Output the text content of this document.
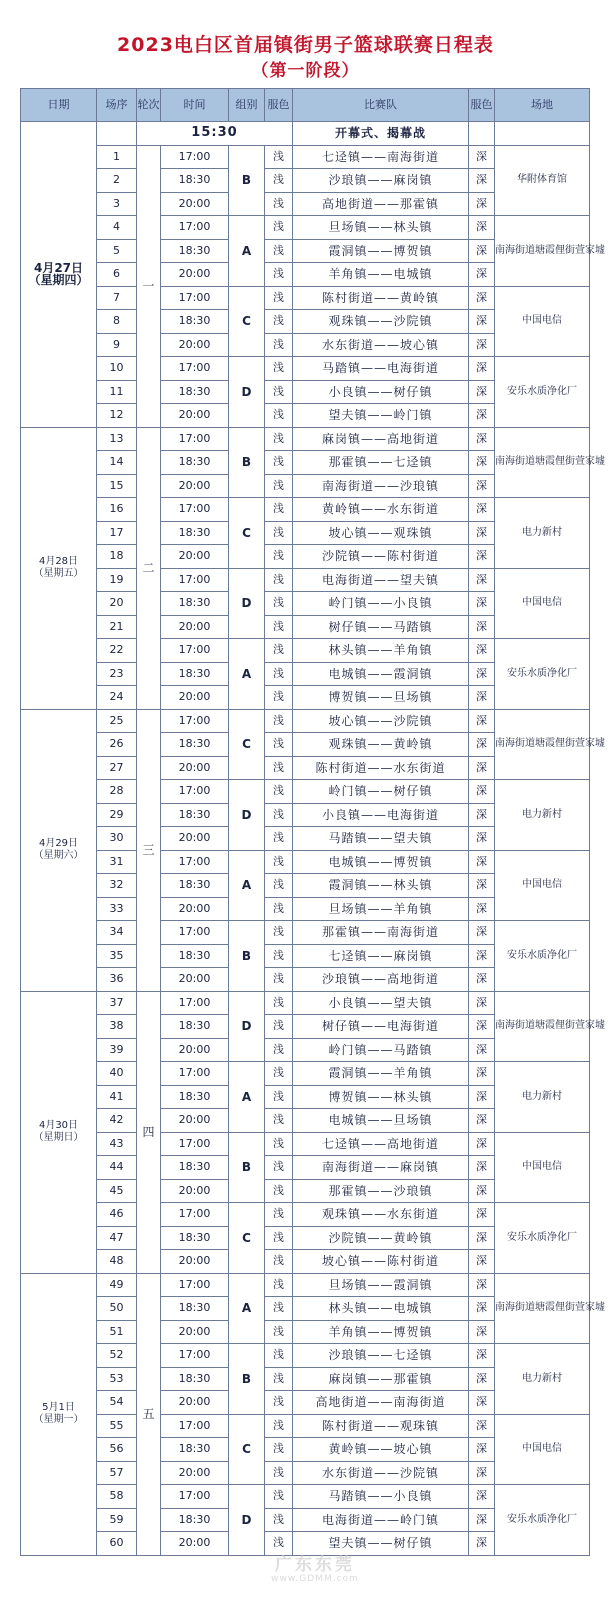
2023电白区首届镇街男子篮球联赛日程表
（第一阶段）
日期	场序	轮次	时间	组别	服色	比赛队	服色	场地

4月27日
（星期四）		15:30				开幕式、揭幕战		
	1	一	17:00	B	浅	七迳镇——南海街道	深	华附体育馆
	2		18:30		浅	沙琅镇——麻岗镇	深	
	3		20:00		浅	高地街道——那霍镇	深	
	4		17:00	A	浅	旦场镇——林头镇	深	南海街道塘霞俚街萱家墟
	5		18:30		浅	霞洞镇——博贺镇	深	
	6		20:00		浅	羊角镇——电城镇	深	
	7		17:00	C	浅	陈村街道——黄岭镇	深	中国电信
	8		18:30		浅	观珠镇——沙院镇	深	
	9		20:00		浅	水东街道——坡心镇	深	
	10		17:00	D	浅	马踏镇——电海街道	深	安乐水质净化厂
	11		18:30		浅	小良镇——树仔镇	深	
	12		20:00		浅	望夫镇——岭门镇	深	

4月28日
（星期五）	13	二	17:00	B	浅	麻岗镇——高地街道	深	南海街道塘霞俚街萱家墟
	14		18:30		浅	那霍镇——七迳镇	深	
	15		20:00		浅	南海街道——沙琅镇	深	
	16		17:00	C	浅	黄岭镇——水东街道	深	电力新村
	17		18:30		浅	坡心镇——观珠镇	深	
	18		20:00		浅	沙院镇——陈村街道	深	
	19		17:00	D	浅	电海街道——望夫镇	深	中国电信
	20		18:30		浅	岭门镇——小良镇	深	
	21		20:00		浅	树仔镇——马踏镇	深	
	22		17:00	A	浅	林头镇——羊角镇	深	安乐水质净化厂
	23		18:30		浅	电城镇——霞洞镇	深	
	24		20:00		浅	博贺镇——旦场镇	深	

4月29日
（星期六）	25	三	17:00	C	浅	坡心镇——沙院镇	深	南海街道塘霞俚街萱家墟
	26		18:30		浅	观珠镇——黄岭镇	深	
	27		20:00		浅	陈村街道——水东街道	深	
	28		17:00	D	浅	岭门镇——树仔镇	深	电力新村
	29		18:30		浅	小良镇——电海街道	深	
	30		20:00		浅	马踏镇——望夫镇	深	
	31		17:00	A	浅	电城镇——博贺镇	深	中国电信
	32		18:30		浅	霞洞镇——林头镇	深	
	33		20:00		浅	旦场镇——羊角镇	深	
	34		17:00	B	浅	那霍镇——南海街道	深	安乐水质净化厂
	35		18:30		浅	七迳镇——麻岗镇	深	
	36		20:00		浅	沙琅镇——高地街道	深	

4月30日
（星期日）	37	四	17:00	D	浅	小良镇——望夫镇	深	南海街道塘霞俚街萱家墟
	38		18:30		浅	树仔镇——电海街道	深	
	39		20:00		浅	岭门镇——马踏镇	深	
	40		17:00	A	浅	霞洞镇——羊角镇	深	电力新村
	41		18:30		浅	博贺镇——林头镇	深	
	42		20:00		浅	电城镇——旦场镇	深	
	43		17:00	B	浅	七迳镇——高地街道	深	中国电信
	44		18:30		浅	南海街道——麻岗镇	深	
	45		20:00		浅	那霍镇——沙琅镇	深	
	46		17:00	C	浅	观珠镇——水东街道	深	安乐水质净化厂
	47		18:30		浅	沙院镇——黄岭镇	深	
	48		20:00		浅	坡心镇——陈村街道	深	

5月1日
（星期一）	49	五	17:00	A	浅	旦场镇——霞洞镇	深	南海街道塘霞俚街萱家墟
	50		18:30		浅	林头镇——电城镇	深	
	51		20:00		浅	羊角镇——博贺镇	深	
	52		17:00	B	浅	沙琅镇——七迳镇	深	电力新村
	53		18:30		浅	麻岗镇——那霍镇	深	
	54		20:00		浅	高地街道——南海街道	深	
	55		17:00	C	浅	陈村街道——观珠镇	深	中国电信
	56		18:30		浅	黄岭镇——坡心镇	深	
	57		20:00		浅	水东街道——沙院镇	深	
	58		17:00	D	浅	马踏镇——小良镇	深	安乐水质净化厂
	59		18:30		浅	电海街道——岭门镇	深	
	60		20:00		浅	望夫镇——树仔镇	深	
广东东莞
www.GDMM.com
